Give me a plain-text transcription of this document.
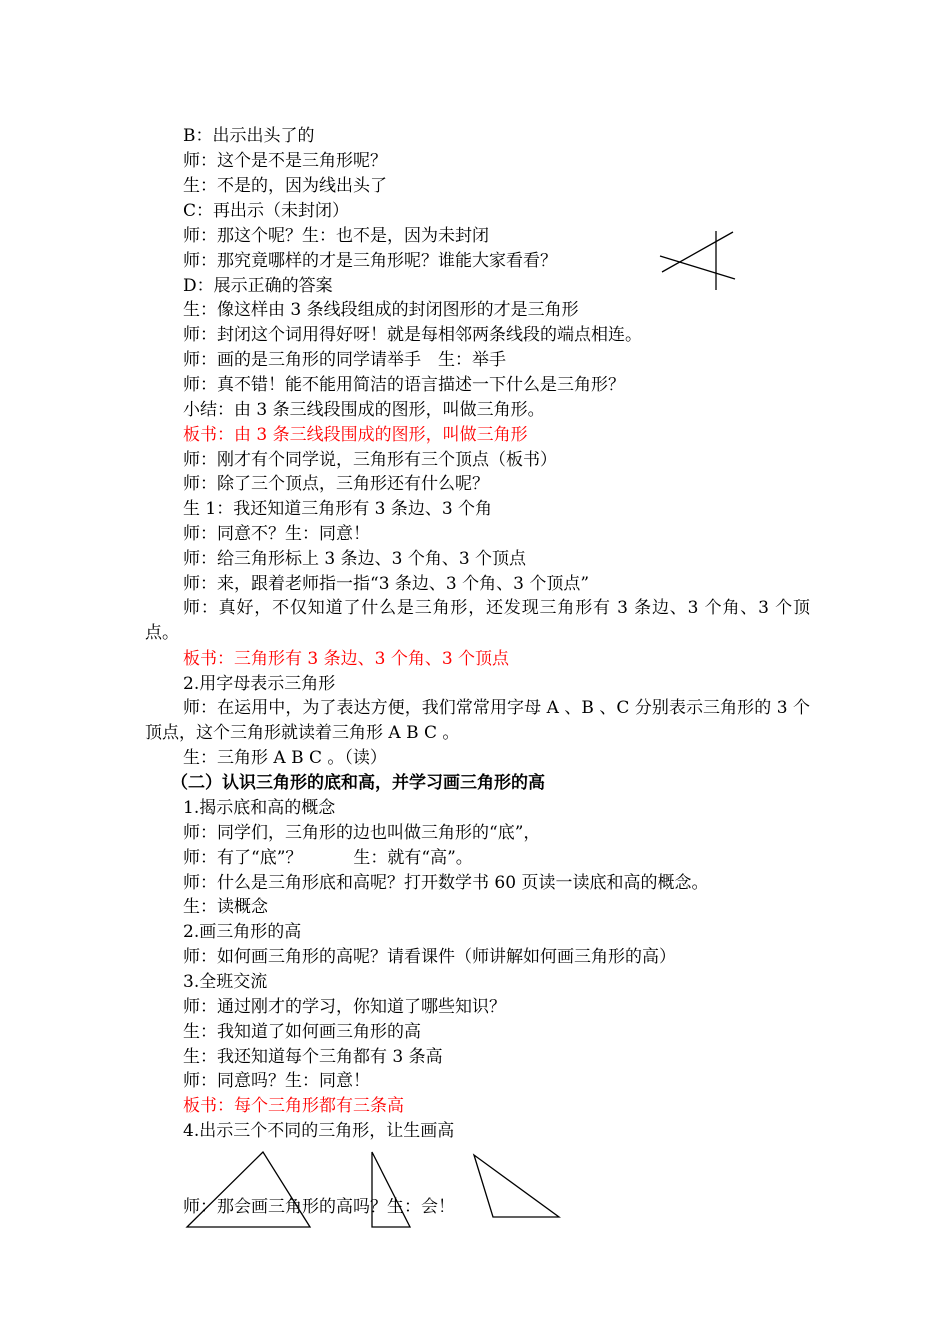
B：出示出头了的
师：这个是不是三角形呢？
生：不是的，因为线出头了
C：再出示（未封闭）
师：那这个呢？生：也不是，因为未封闭
师：那究竟哪样的才是三角形呢？谁能大家看看？
D：展示正确的答案
生：像这样由 3 条线段组成的封闭图形的才是三角形
师：封闭这个词用得好呀！就是每相邻两条线段的端点相连。
师：画的是三角形的同学请举手　生：举手
师：真不错！能不能用简洁的语言描述一下什么是三角形？
小结：由 3 条三线段围成的图形，叫做三角形。
板书：由 3 条三线段围成的图形，叫做三角形
师：刚才有个同学说，三角形有三个顶点（板书）
师：除了三个顶点，三角形还有什么呢？
生 1：我还知道三角形有 3 条边、3 个角
师：同意不？生：同意！
师：给三角形标上 3 条边、3 个角、3 个顶点
师：来，跟着老师指一指“3 条边、3 个角、3 个顶点”
师：真好，不仅知道了什么是三角形，还发现三角形有 3 条边、3 个角、3 个顶点。
板书：三角形有 3 条边、3 个角、3 个顶点
2.用字母表示三角形
师：在运用中，为了表达方便，我们常常用字母 A 、B 、C 分别表示三角形的 3 个顶点，这个三角形就读着三角形 A B C 。
生：三角形 A B C 。（读）
（二）认识三角形的底和高，并学习画三角形的高
1.揭示底和高的概念
师：同学们，三角形的边也叫做三角形的“底”，
师：有了“底”？　　　生：就有“高”。
师：什么是三角形底和高呢？打开数学书 60 页读一读底和高的概念。
生：读概念
2.画三角形的高
师：如何画三角形的高呢？请看课件（师讲解如何画三角形的高）
3.全班交流
师：通过刚才的学习，你知道了哪些知识？
生：我知道了如何画三角形的高
生：我还知道每个三角都有 3 条高
师：同意吗？生：同意！
板书：每个三角形都有三条高
4.出示三个不同的三角形，让生画高
师：那会画三角形的高吗？生：会！
